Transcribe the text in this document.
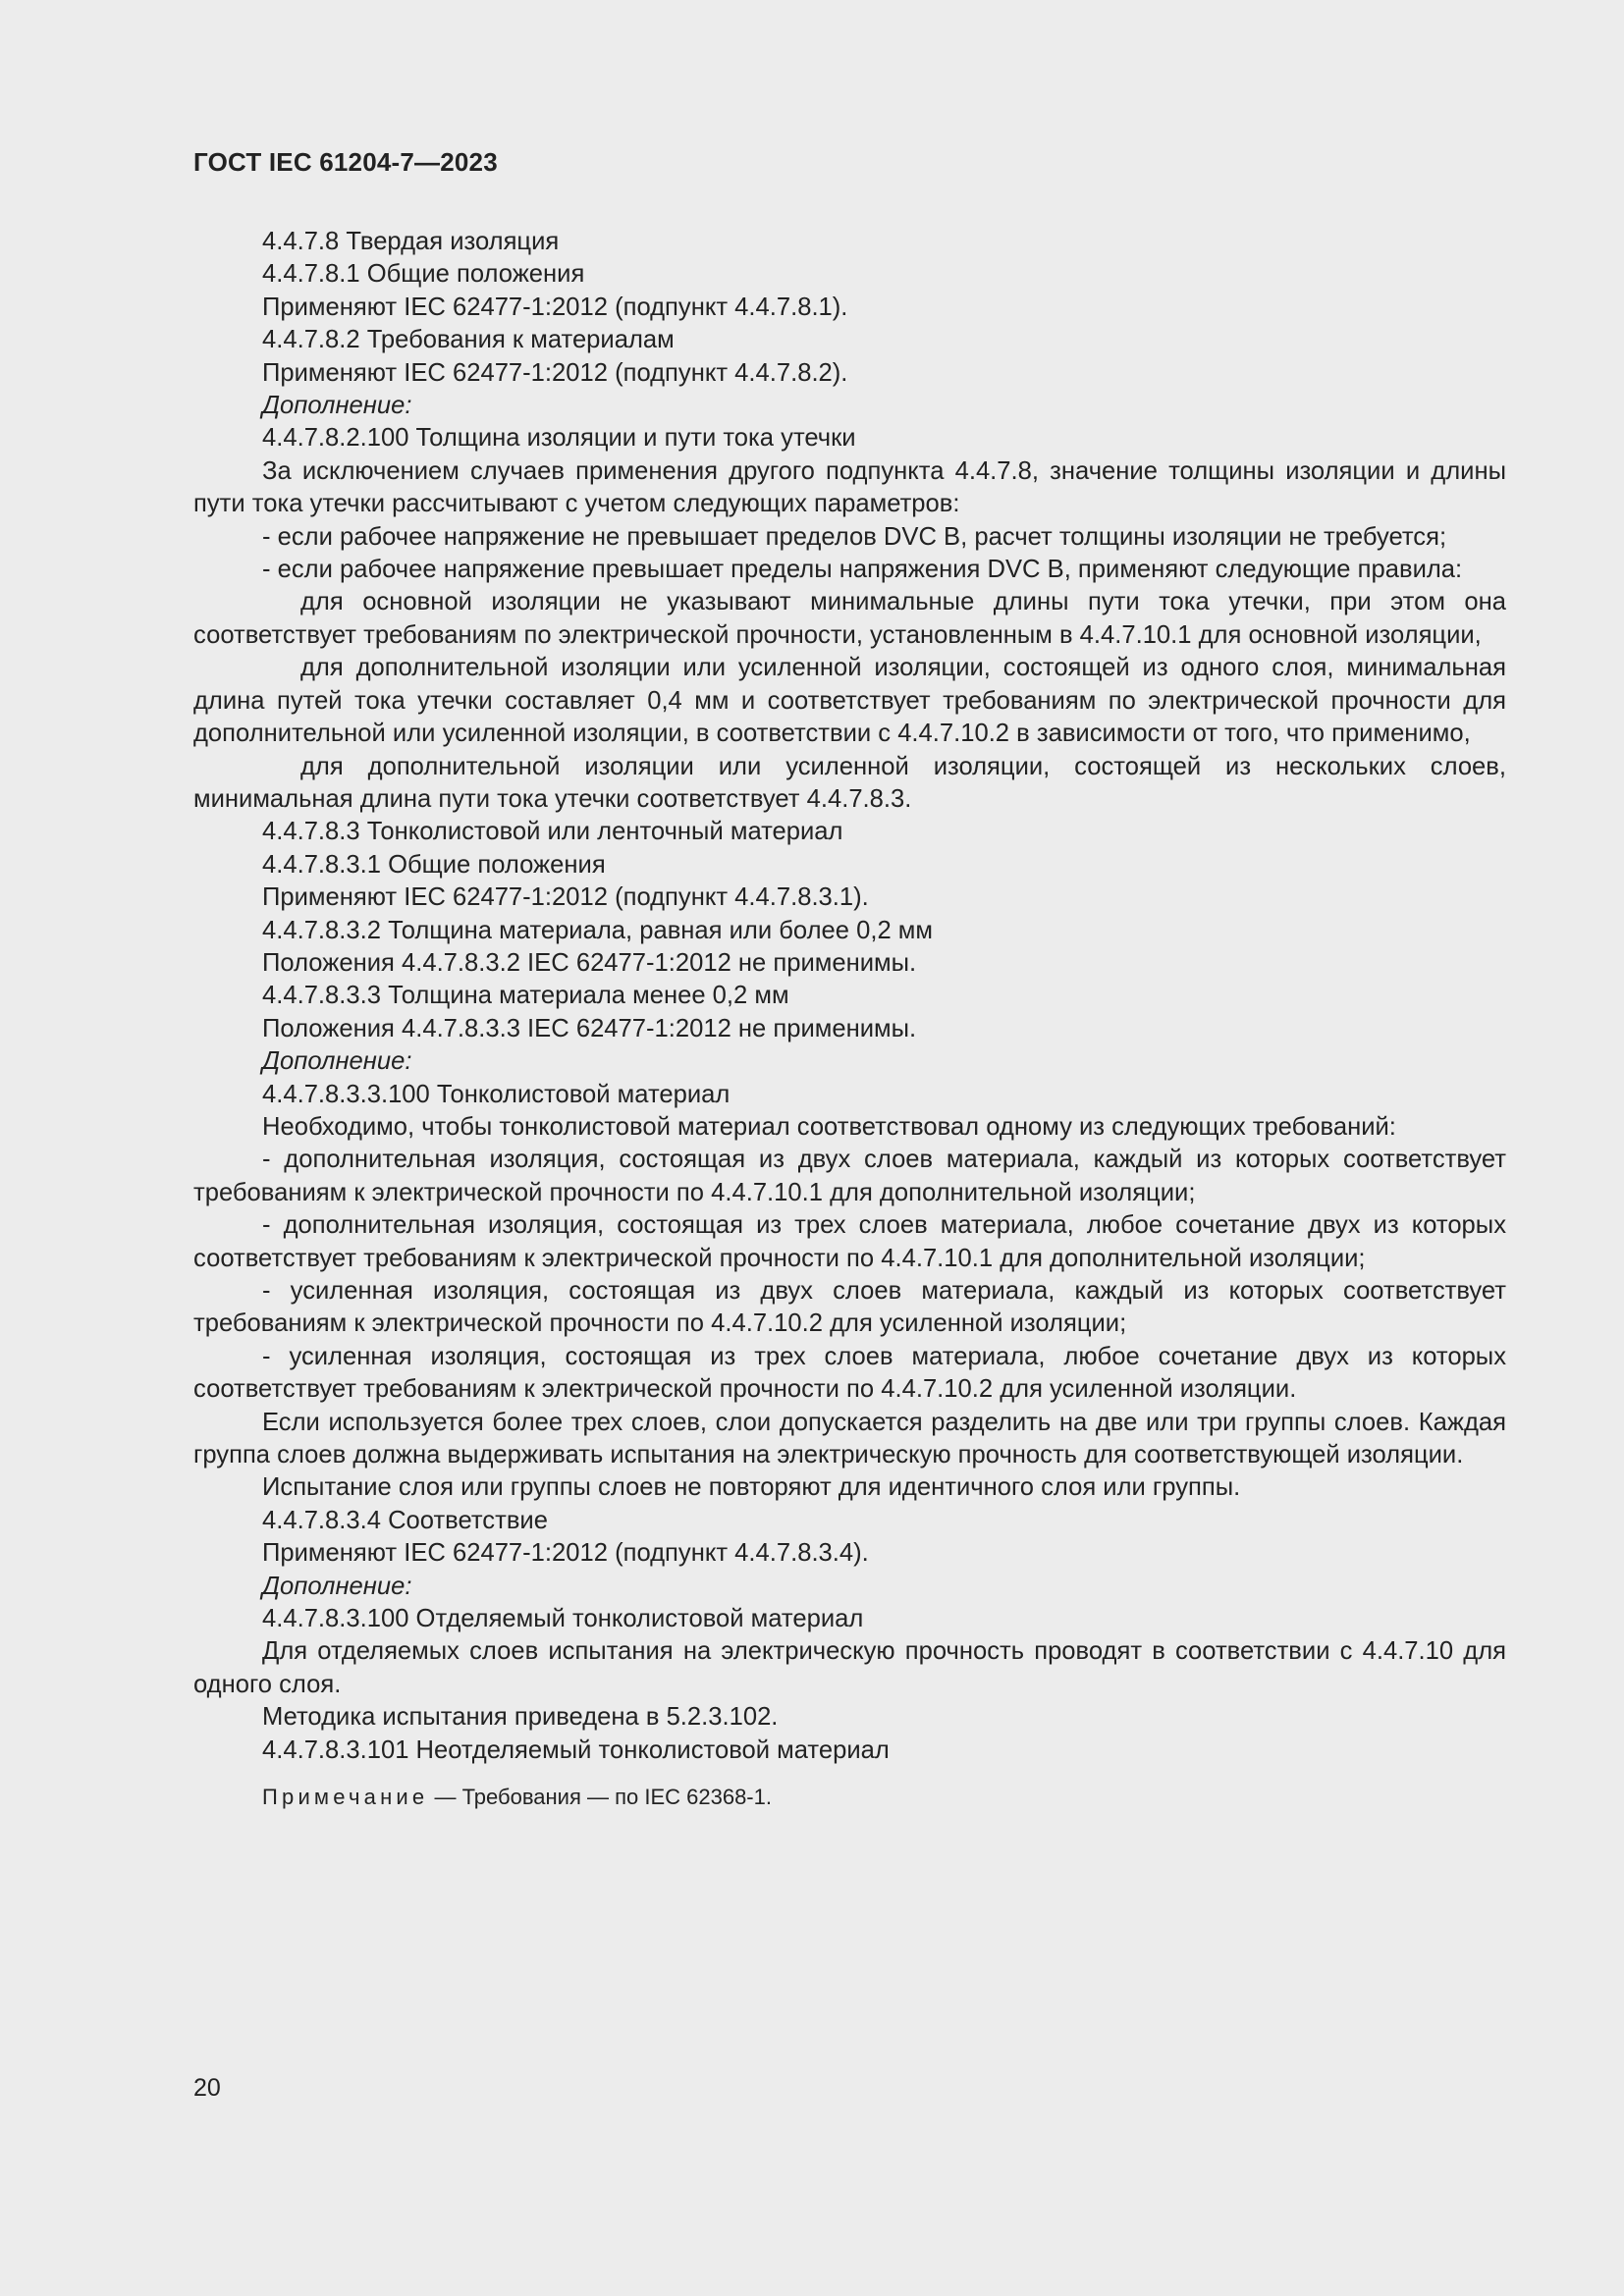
ГОСТ IEC 61204-7—2023

4.4.7.8 Твердая изоляция

4.4.7.8.1 Общие положения

Применяют IEC 62477-1:2012 (подпункт 4.4.7.8.1).

4.4.7.8.2 Требования к материалам

Применяют IEC 62477-1:2012 (подпункт 4.4.7.8.2).

Дополнение:

4.4.7.8.2.100 Толщина изоляции и пути тока утечки

За исключением случаев применения другого подпункта 4.4.7.8, значение толщины изоляции и длины пути тока утечки рассчитывают с учетом следующих параметров:

- если рабочее напряжение не превышает пределов DVC B, расчет толщины изоляции не требуется;

- если рабочее напряжение превышает пределы напряжения DVC B, применяют следующие правила:

для основной изоляции не указывают минимальные длины пути тока утечки, при этом она соответствует требованиям по электрической прочности, установленным в 4.4.7.10.1 для основной изоляции,

для дополнительной изоляции или усиленной изоляции, состоящей из одного слоя, минимальная длина путей тока утечки составляет 0,4 мм и соответствует требованиям по электрической прочности для дополнительной или усиленной изоляции, в соответствии с 4.4.7.10.2 в зависимости от того, что применимо,

для дополнительной изоляции или усиленной изоляции, состоящей из нескольких слоев, минимальная длина пути тока утечки соответствует 4.4.7.8.3.

4.4.7.8.3 Тонколистовой или ленточный материал

4.4.7.8.3.1 Общие положения

Применяют IEC 62477-1:2012 (подпункт 4.4.7.8.3.1).

4.4.7.8.3.2 Толщина материала, равная или более 0,2 мм

Положения 4.4.7.8.3.2 IEC 62477-1:2012 не применимы.

4.4.7.8.3.3 Толщина материала менее 0,2 мм

Положения 4.4.7.8.3.3 IEC 62477-1:2012 не применимы.

Дополнение:

4.4.7.8.3.3.100 Тонколистовой материал

Необходимо, чтобы тонколистовой материал соответствовал одному из следующих требований:

- дополнительная изоляция, состоящая из двух слоев материала, каждый из которых соответствует требованиям к электрической прочности по 4.4.7.10.1 для дополнительной изоляции;

- дополнительная изоляция, состоящая из трех слоев материала, любое сочетание двух из которых соответствует требованиям к электрической прочности по 4.4.7.10.1 для дополнительной изоляции;

- усиленная изоляция, состоящая из двух слоев материала, каждый из которых соответствует требованиям к электрической прочности по 4.4.7.10.2 для усиленной изоляции;

- усиленная изоляция, состоящая из трех слоев материала, любое сочетание двух из которых соответствует требованиям к электрической прочности по 4.4.7.10.2 для усиленной изоляции.

Если используется более трех слоев, слои допускается разделить на две или три группы слоев. Каждая группа слоев должна выдерживать испытания на электрическую прочность для соответствующей изоляции.

Испытание слоя или группы слоев не повторяют для идентичного слоя или группы.

4.4.7.8.3.4 Соответствие

Применяют IEC 62477-1:2012 (подпункт 4.4.7.8.3.4).

Дополнение:

4.4.7.8.3.100 Отделяемый тонколистовой материал

Для отделяемых слоев испытания на электрическую прочность проводят в соответствии с 4.4.7.10 для одного слоя.

Методика испытания приведена в 5.2.3.102.

4.4.7.8.3.101 Неотделяемый тонколистовой материал

Примечание — Требования — по IEC 62368-1.

20
